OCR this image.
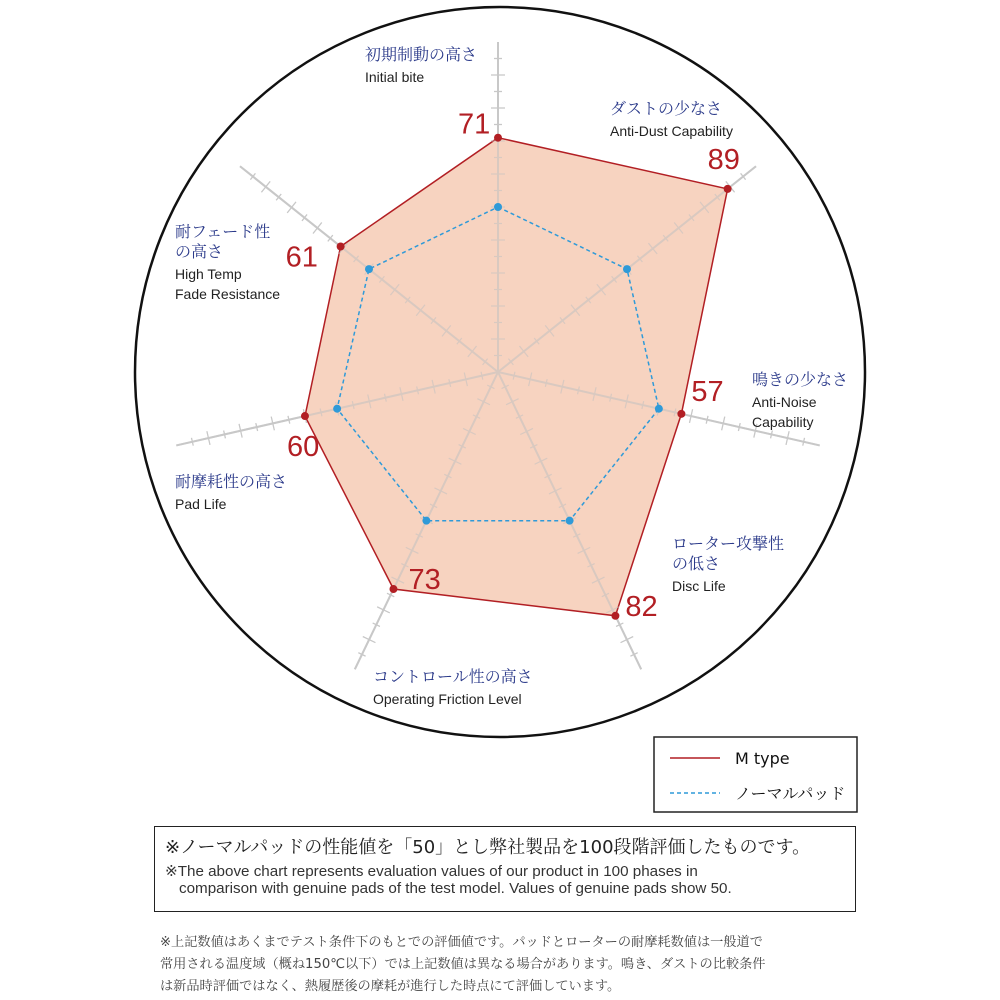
71
89
57
82
73
60
61
初期制動の高さ
Initial bite
ダストの少なさ
Anti-Dust Capability
鳴きの少なさ
Anti-Noise
Capability
ローター攻撃性
の低さ
Disc Life
コントロール性の高さ
Operating Friction Level
耐摩耗性の高さ
Pad Life
耐フェード性
の高さ
High Temp
Fade Resistance
M type
ノーマルパッド

※ノーマルパッドの性能値を「50」とし弊社製品を100段階評価したものです。

※The above chart represents evaluation values of our product in 100 phases in

comparison with genuine pads of the test model. Values of genuine pads show 50.

※上記数値はあくまでテスト条件下のもとでの評価値です。パッドとローターの耐摩耗数値は一般道で
常用される温度域（概ね150℃以下）では上記数値は異なる場合があります。鳴き、ダストの比較条件
は新品時評価ではなく、熱履歴後の摩耗が進行した時点にて評価しています。
